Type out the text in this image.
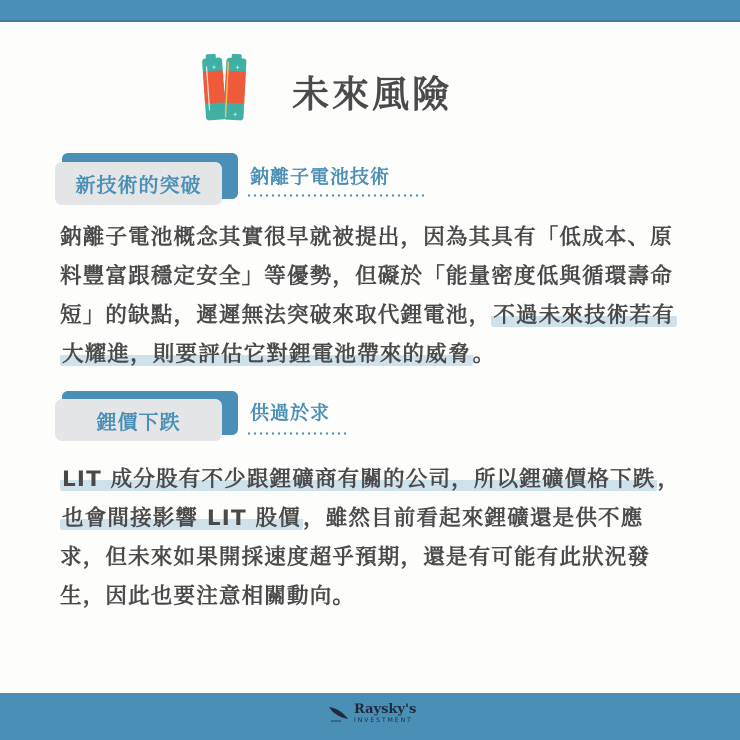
+	+
+ 未來風險
新技術的突破	鈉離子電池技術
鈉離子電池概念其實很早就被提出，因為其具有「低成本、原
料豐富跟穩定安全」等優勢，但礙於「能量密度低與循環壽命
短」的缺點，遲遲無法突破來取代鋰電池，不過未來技術若有
大耀進，則要評估它對鋰電池帶來的威脅。
鋰價下跌	供過於求
LIT 成分股有不少跟鋰礦商有關的公司，所以鋰礦價格下跌，
也會間接影響 LIT 股價，雖然目前看起來鋰礦還是供不應
求，但未來如果開採速度超乎預期，還是有可能有此狀況發
生，因此也要注意相關動向。
Raysky's
INVESTMENT
